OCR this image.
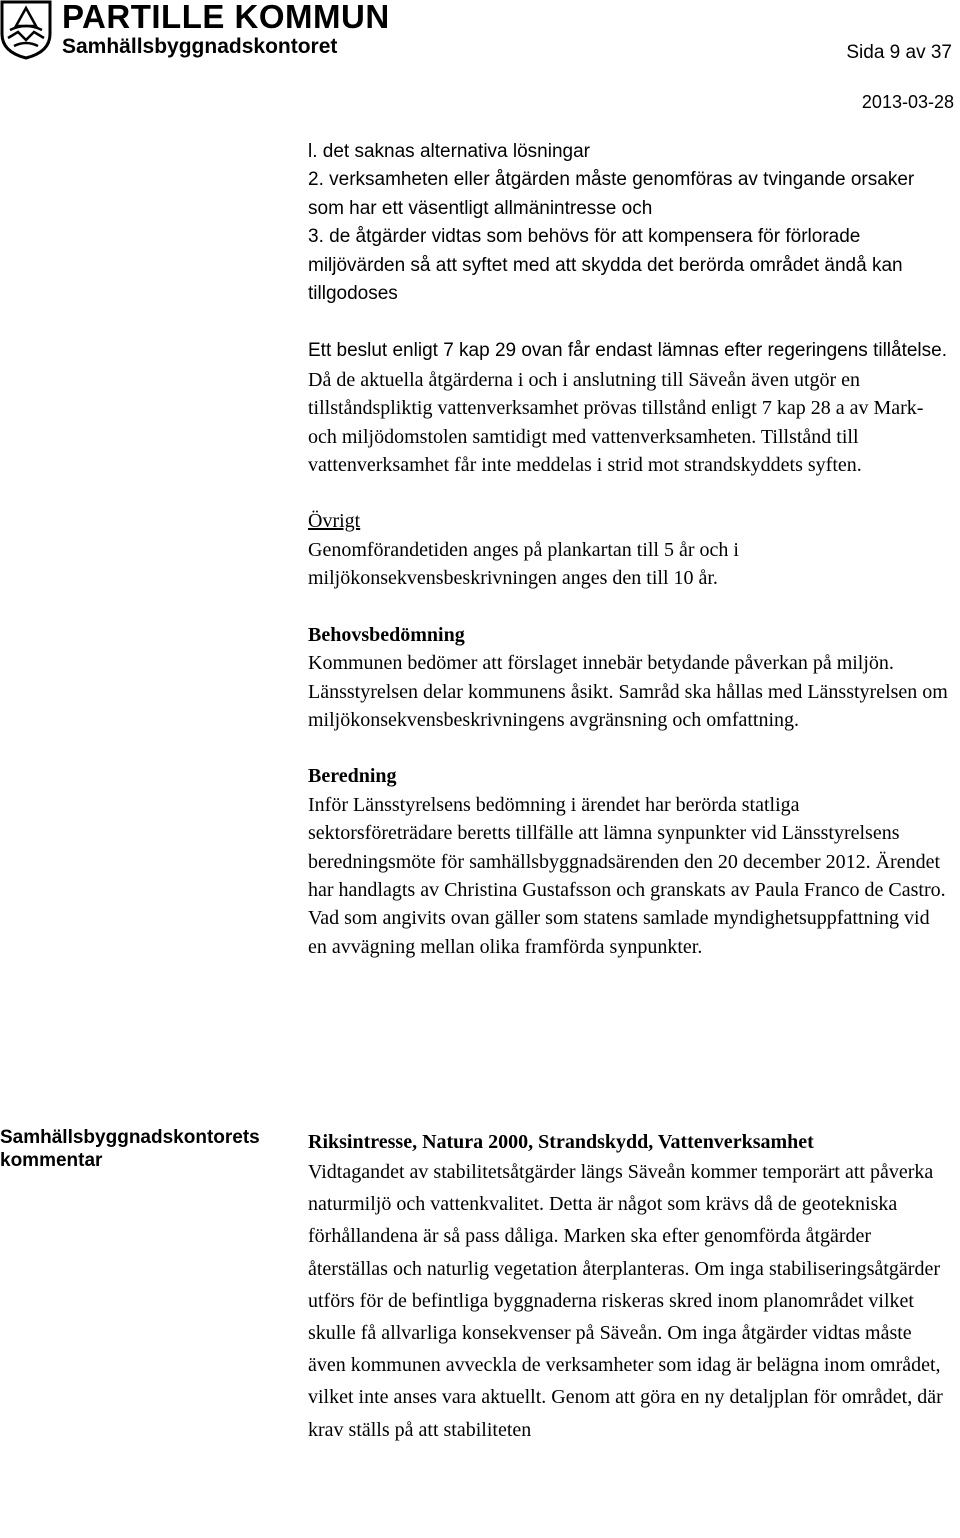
PARTILLE KOMMUN
Samhällsbyggnadskontoret	Sida 9 av 37
2013-03-28

l. det saknas alternativa lösningar

2. verksamheten eller åtgärden måste genomföras av tvingande orsaker som har ett väsentligt allmänintresse och

3. de åtgärder vidtas som behövs för att kompensera för förlorade miljövärden så att syftet med att skydda det berörda området ändå kan tillgodoses

Ett beslut enligt 7 kap 29 ovan får endast lämnas efter regeringens tillåtelse. Då de aktuella åtgärderna i och i anslutning till Säveån även utgör en tillståndspliktig vattenverksamhet prövas tillstånd enligt 7 kap 28 a av Mark- och miljödomstolen samtidigt med vattenverksamheten. Tillstånd till vattenverksamhet får inte meddelas i strid mot strandskyddets syften.

Övrigt

Genomförandetiden anges på plankartan till 5 år och i miljökonsekvensbeskrivningen anges den till 10 år.

Behovsbedömning

Kommunen bedömer att förslaget innebär betydande påverkan på miljön. Länsstyrelsen delar kommunens åsikt. Samråd ska hållas med Länsstyrelsen om miljökonsekvensbeskrivningens avgränsning och omfattning.

Beredning

Inför Länsstyrelsens bedömning i ärendet har berörda statliga sektorsföreträdare beretts tillfälle att lämna synpunkter vid Länsstyrelsens beredningsmöte för samhällsbyggnadsärenden den 20 december 2012. Ärendet har handlagts av Christina Gustafsson och granskats av Paula Franco de Castro. Vad som angivits ovan gäller som statens samlade myndighetsuppfattning vid en avvägning mellan olika framförda synpunkter.

Samhällsbyggnadskontorets kommentar
Riksintresse, Natura 2000, Strandskydd, Vattenverksamhet

Vidtagandet av stabilitetsåtgärder längs Säveån kommer temporärt att påverka naturmiljö och vattenkvalitet. Detta är något som krävs då de geotekniska förhållandena är så pass dåliga. Marken ska efter genomförda åtgärder återställas och naturlig vegetation återplanteras. Om inga stabiliseringsåtgärder utförs för de befintliga byggnaderna riskeras skred inom planområdet vilket skulle få allvarliga konsekvenser på Säveån. Om inga åtgärder vidtas måste även kommunen avveckla de verksamheter som idag är belägna inom området, vilket inte anses vara aktuellt. Genom att göra en ny detaljplan för området, där krav ställs på att stabiliteten
